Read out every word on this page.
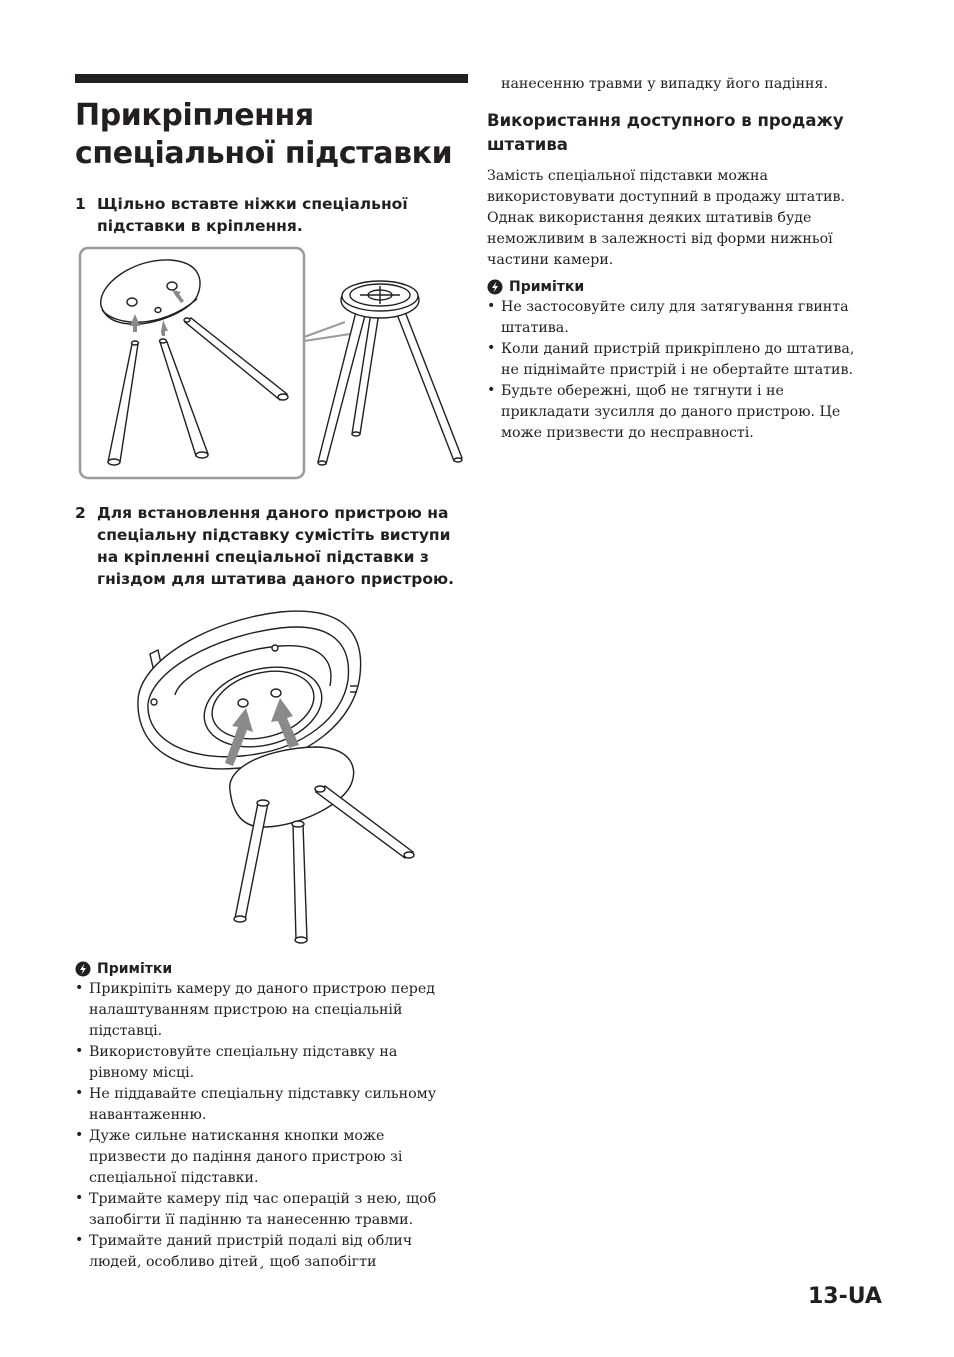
Прикріплення
спеціальної підставки
1 Щільно вставте ніжки спеціальної
підставки в кріплення.
2 Для встановлення даного пристрою на
спеціальну підставку сумістіть виступи
на кріпленні спеціальної підставки з
гніздом для штатива даного пристрою.
Примітки
• Прикріпіть камеру до даного пристрою перед
налаштуванням пристрою на спеціальній
підставці.
• Використовуйте спеціальну підставку на
рівному місці.
• Не піддавайте спеціальну підставку сильному
навантаженню.
• Дуже сильне натискання кнопки може
призвести до падіння даного пристрою зі
спеціальної підставки.
• Тримайте камеру під час операцій з нею, щоб
запобігти її падінню та нанесенню травми.
• Тримайте даний пристрій подалі від облич
людей, особливо дітей¸ щоб запобігти
нанесенню травми у випадку його падіння.
Використання доступного в продажу
штатива
Замість спеціальної підставки можна
використовувати доступний в продажу штатив.
Однак використання деяких штативів буде
неможливим в залежності від форми нижньої
частини камери.
Примітки
• Не застосовуйте силу для затягування гвинта
штатива.
• Коли даний пристрій прикріплено до штатива,
не піднімайте пристрій і не обертайте штатив.
• Будьте обережні, щоб не тягнути і не
прикладати зусилля до даного пристрою. Це
може призвести до несправності.
13-UA
